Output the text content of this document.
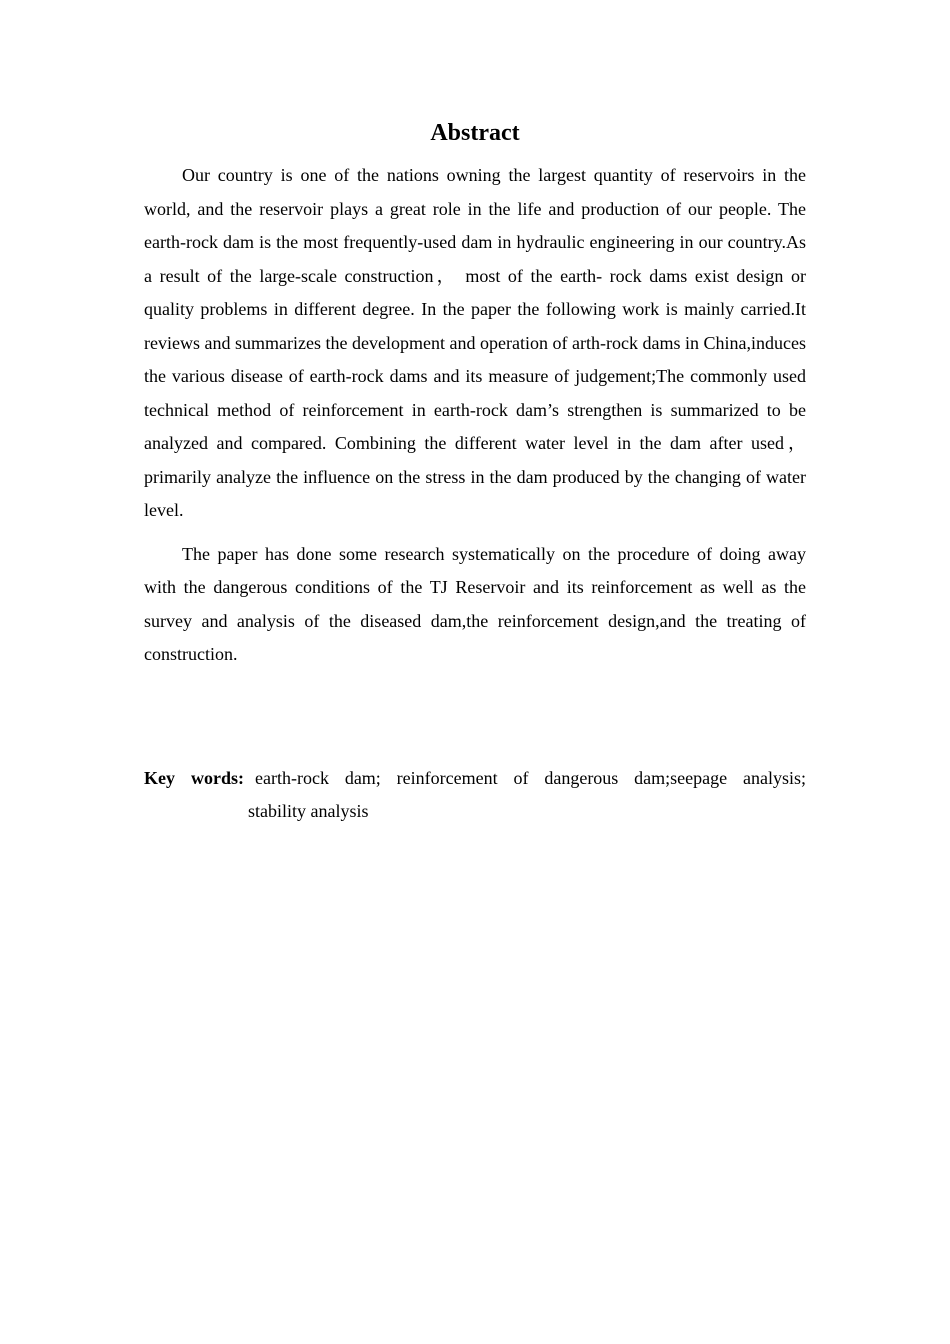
Abstract

Our country is one of the nations owning the largest quantity of reservoirs in the world, and the reservoir plays a great role in the life and production of our people. The earth-rock dam is the most frequently-used dam in hydraulic engineering in our country.As a result of the large-scale construction， most of the earth- rock dams exist design or quality problems in different degree. In the paper the following work is mainly carried.It reviews and summarizes the development and operation of arth-rock dams in China,induces the various disease of earth-rock dams and its measure of judgement;The commonly used technical method of reinforcement in earth-rock dam’s strengthen is summarized to be analyzed and compared. Combining the different water level in the dam after used， primarily analyze the influence on the stress in the dam produced by the changing of water level.

The paper has done some research systematically on the procedure of doing away with the dangerous conditions of the TJ Reservoir and its reinforcement as well as the survey and analysis of the diseased dam,the reinforcement design,and the treating of construction.

Key words: earth-rock dam; reinforcement of dangerous dam;seepage analysis;
stability analysis
